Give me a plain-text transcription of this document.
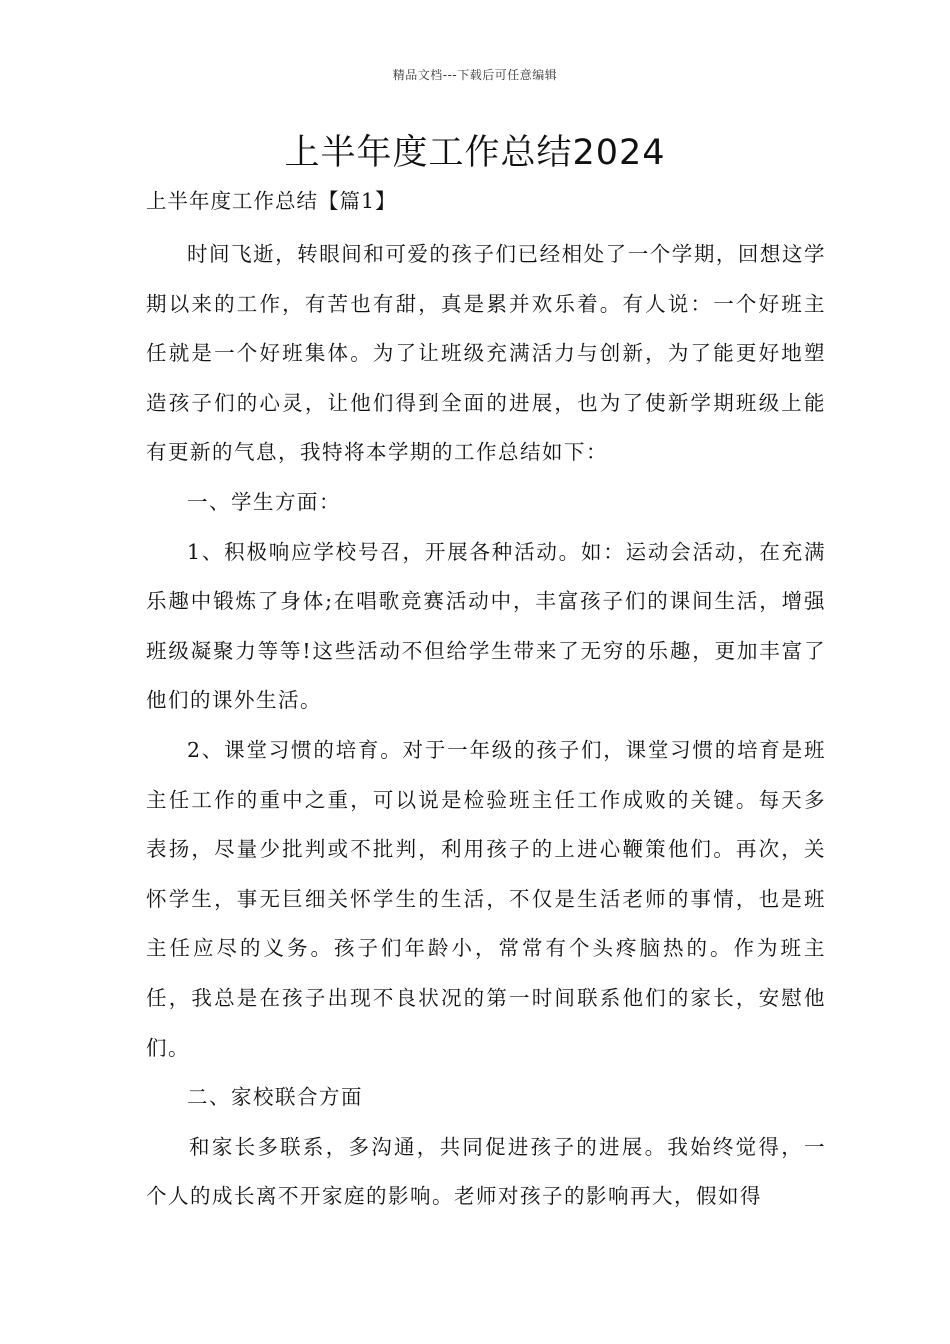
精品文档---下载后可任意编辑
上半年度工作总结2024
上半年度工作总结【篇1】

时间飞逝，转眼间和可爱的孩子们已经相处了一个学期，回想这学期以来的工作，有苦也有甜，真是累并欢乐着。有人说：一个好班主任就是一个好班集体。为了让班级充满活力与创新，为了能更好地塑造孩子们的心灵，让他们得到全面的进展，也为了使新学期班级上能有更新的气息，我特将本学期的工作总结如下：

一、学生方面：

1、积极响应学校号召，开展各种活动。如：运动会活动，在充满乐趣中锻炼了身体;在唱歌竞赛活动中，丰富孩子们的课间生活，增强班级凝聚力等等!这些活动不但给学生带来了无穷的乐趣，更加丰富了他们的课外生活。

2、课堂习惯的培育。对于一年级的孩子们，课堂习惯的培育是班主任工作的重中之重，可以说是检验班主任工作成败的关键。每天多表扬，尽量少批判或不批判，利用孩子的上进心鞭策他们。再次，关怀学生，事无巨细关怀学生的生活，不仅是生活老师的事情，也是班主任应尽的义务。孩子们年龄小，常常有个头疼脑热的。作为班主任，我总是在孩子出现不良状况的第一时间联系他们的家长，安慰他们。

二、家校联合方面

和家长多联系，多沟通，共同促进孩子的进展。我始终觉得，一个人的成长离不开家庭的影响。老师对孩子的影响再大，假如得
